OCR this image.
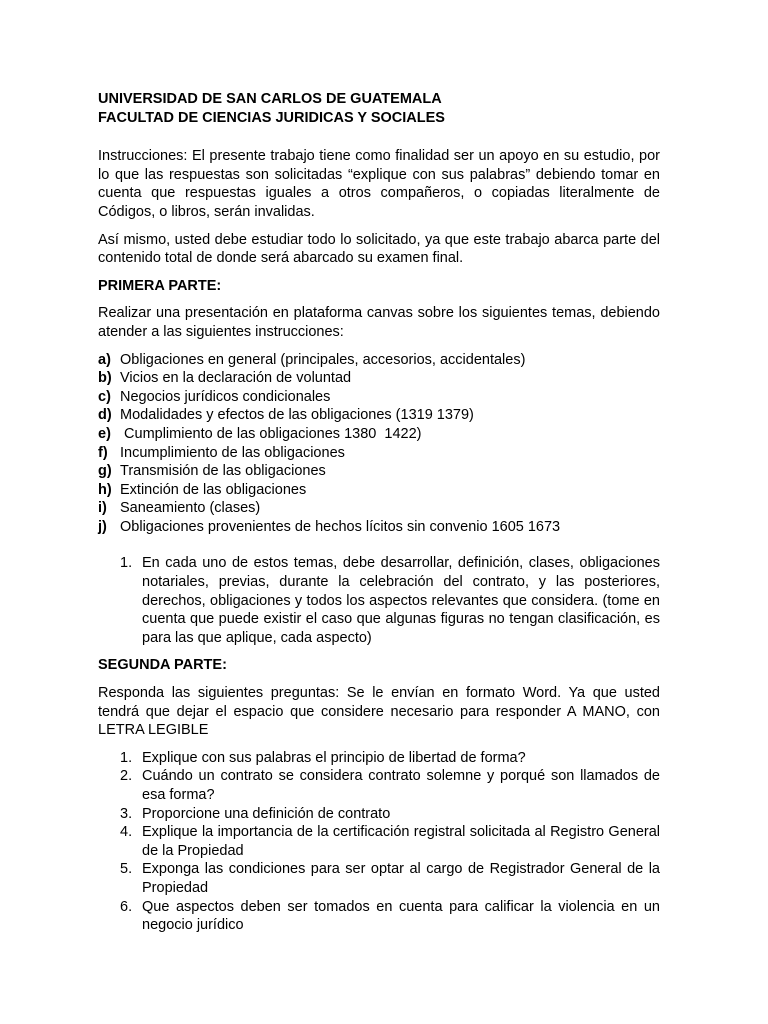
UNIVERSIDAD DE SAN CARLOS DE GUATEMALA

FACULTAD DE CIENCIAS JURIDICAS Y SOCIALES

Instrucciones: El presente trabajo tiene como finalidad ser un apoyo en su estudio, por lo que las respuestas son solicitadas “explique con sus palabras” debiendo tomar en cuenta que respuestas iguales a otros compañeros, o copiadas literalmente de Códigos, o libros, serán invalidas.

Así mismo, usted debe estudiar todo lo solicitado, ya que este trabajo abarca parte del contenido total de donde será abarcado su examen final.

PRIMERA PARTE:

Realizar una presentación en plataforma canvas sobre los siguientes temas, debiendo atender a las siguientes instrucciones:

a) Obligaciones en general (principales, accesorios, accidentales)
b) Vicios en la declaración de voluntad
c) Negocios jurídicos condicionales
d) Modalidades y efectos de las obligaciones (1319 1379)
e) Cumplimiento de las obligaciones 1380  1422)
f) Incumplimiento de las obligaciones
g) Transmisión de las obligaciones
h) Extinción de las obligaciones
i) Saneamiento (clases)
j) Obligaciones provenientes de hechos lícitos sin convenio 1605 1673
1. En cada uno de estos temas, debe desarrollar, definición, clases, obligaciones notariales, previas, durante la celebración del contrato, y las posteriores, derechos, obligaciones y todos los aspectos relevantes que considera. (tome en cuenta que puede existir el caso que algunas figuras no tengan clasificación, es para las que aplique, cada aspecto)

SEGUNDA PARTE:

Responda las siguientes preguntas: Se le envían en formato Word. Ya que usted tendrá que dejar el espacio que considere necesario para responder A MANO, con LETRA LEGIBLE

1. Explique con sus palabras el principio de libertad de forma?
2. Cuándo un contrato se considera contrato solemne y porqué son llamados de esa forma?
3. Proporcione una definición de contrato
4. Explique la importancia de la certificación registral solicitada al Registro General de la Propiedad
5. Exponga las condiciones para ser optar al cargo de Registrador General de la Propiedad
6. Que aspectos deben ser tomados en cuenta para calificar la violencia en un negocio jurídico
